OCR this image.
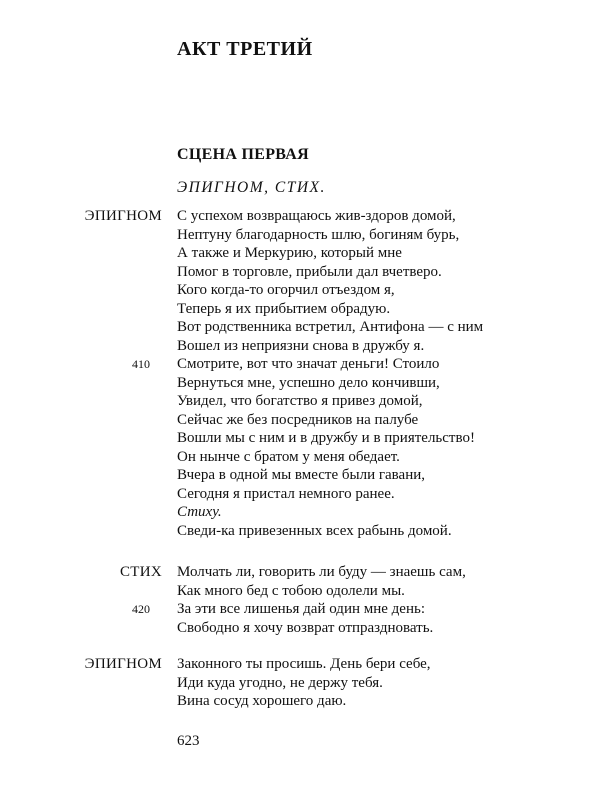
АКТ ТРЕТИЙ
СЦЕНА ПЕРВАЯ

ЭПИГНОМ, СТИХ.

ЭПИГНОМ С успехом возвращаюсь жив-здоров домой,
Нептуну благодарность шлю, богиням бурь,
А также и Меркурию, который мне
Помог в торговле, прибыли дал вчетверо.
Кого когда-то огорчил отъездом я,
Теперь я их прибытием обрадую.
Вот родственника встретил, Антифона — с ним
Вошел из неприязни снова в дружбу я.
410 Смотрите, вот что значат деньги! Стоило
Вернуться мне, успешно дело кончивши,
Увидел, что богатство я привез домой,
Сейчас же без посредников на палубе
Вошли мы с ним и в дружбу и в приятельство!
Он нынче с братом у меня обедает.
Вчера в одной мы вместе были гавани,
Сегодня я пристал немного ранее.
Стиху.
Сведи-ка привезенных всех рабынь домой.
СТИХ Молчать ли, говорить ли буду — знаешь сам,
Как много бед с тобою одолели мы.
420 За эти все лишенья дай один мне день:
Свободно я хочу возврат отпраздновать.
ЭПИГНОМ Законного ты просишь. День бери себе,
Иди куда угодно, не держу тебя.
Вина сосуд хорошего даю.
623
